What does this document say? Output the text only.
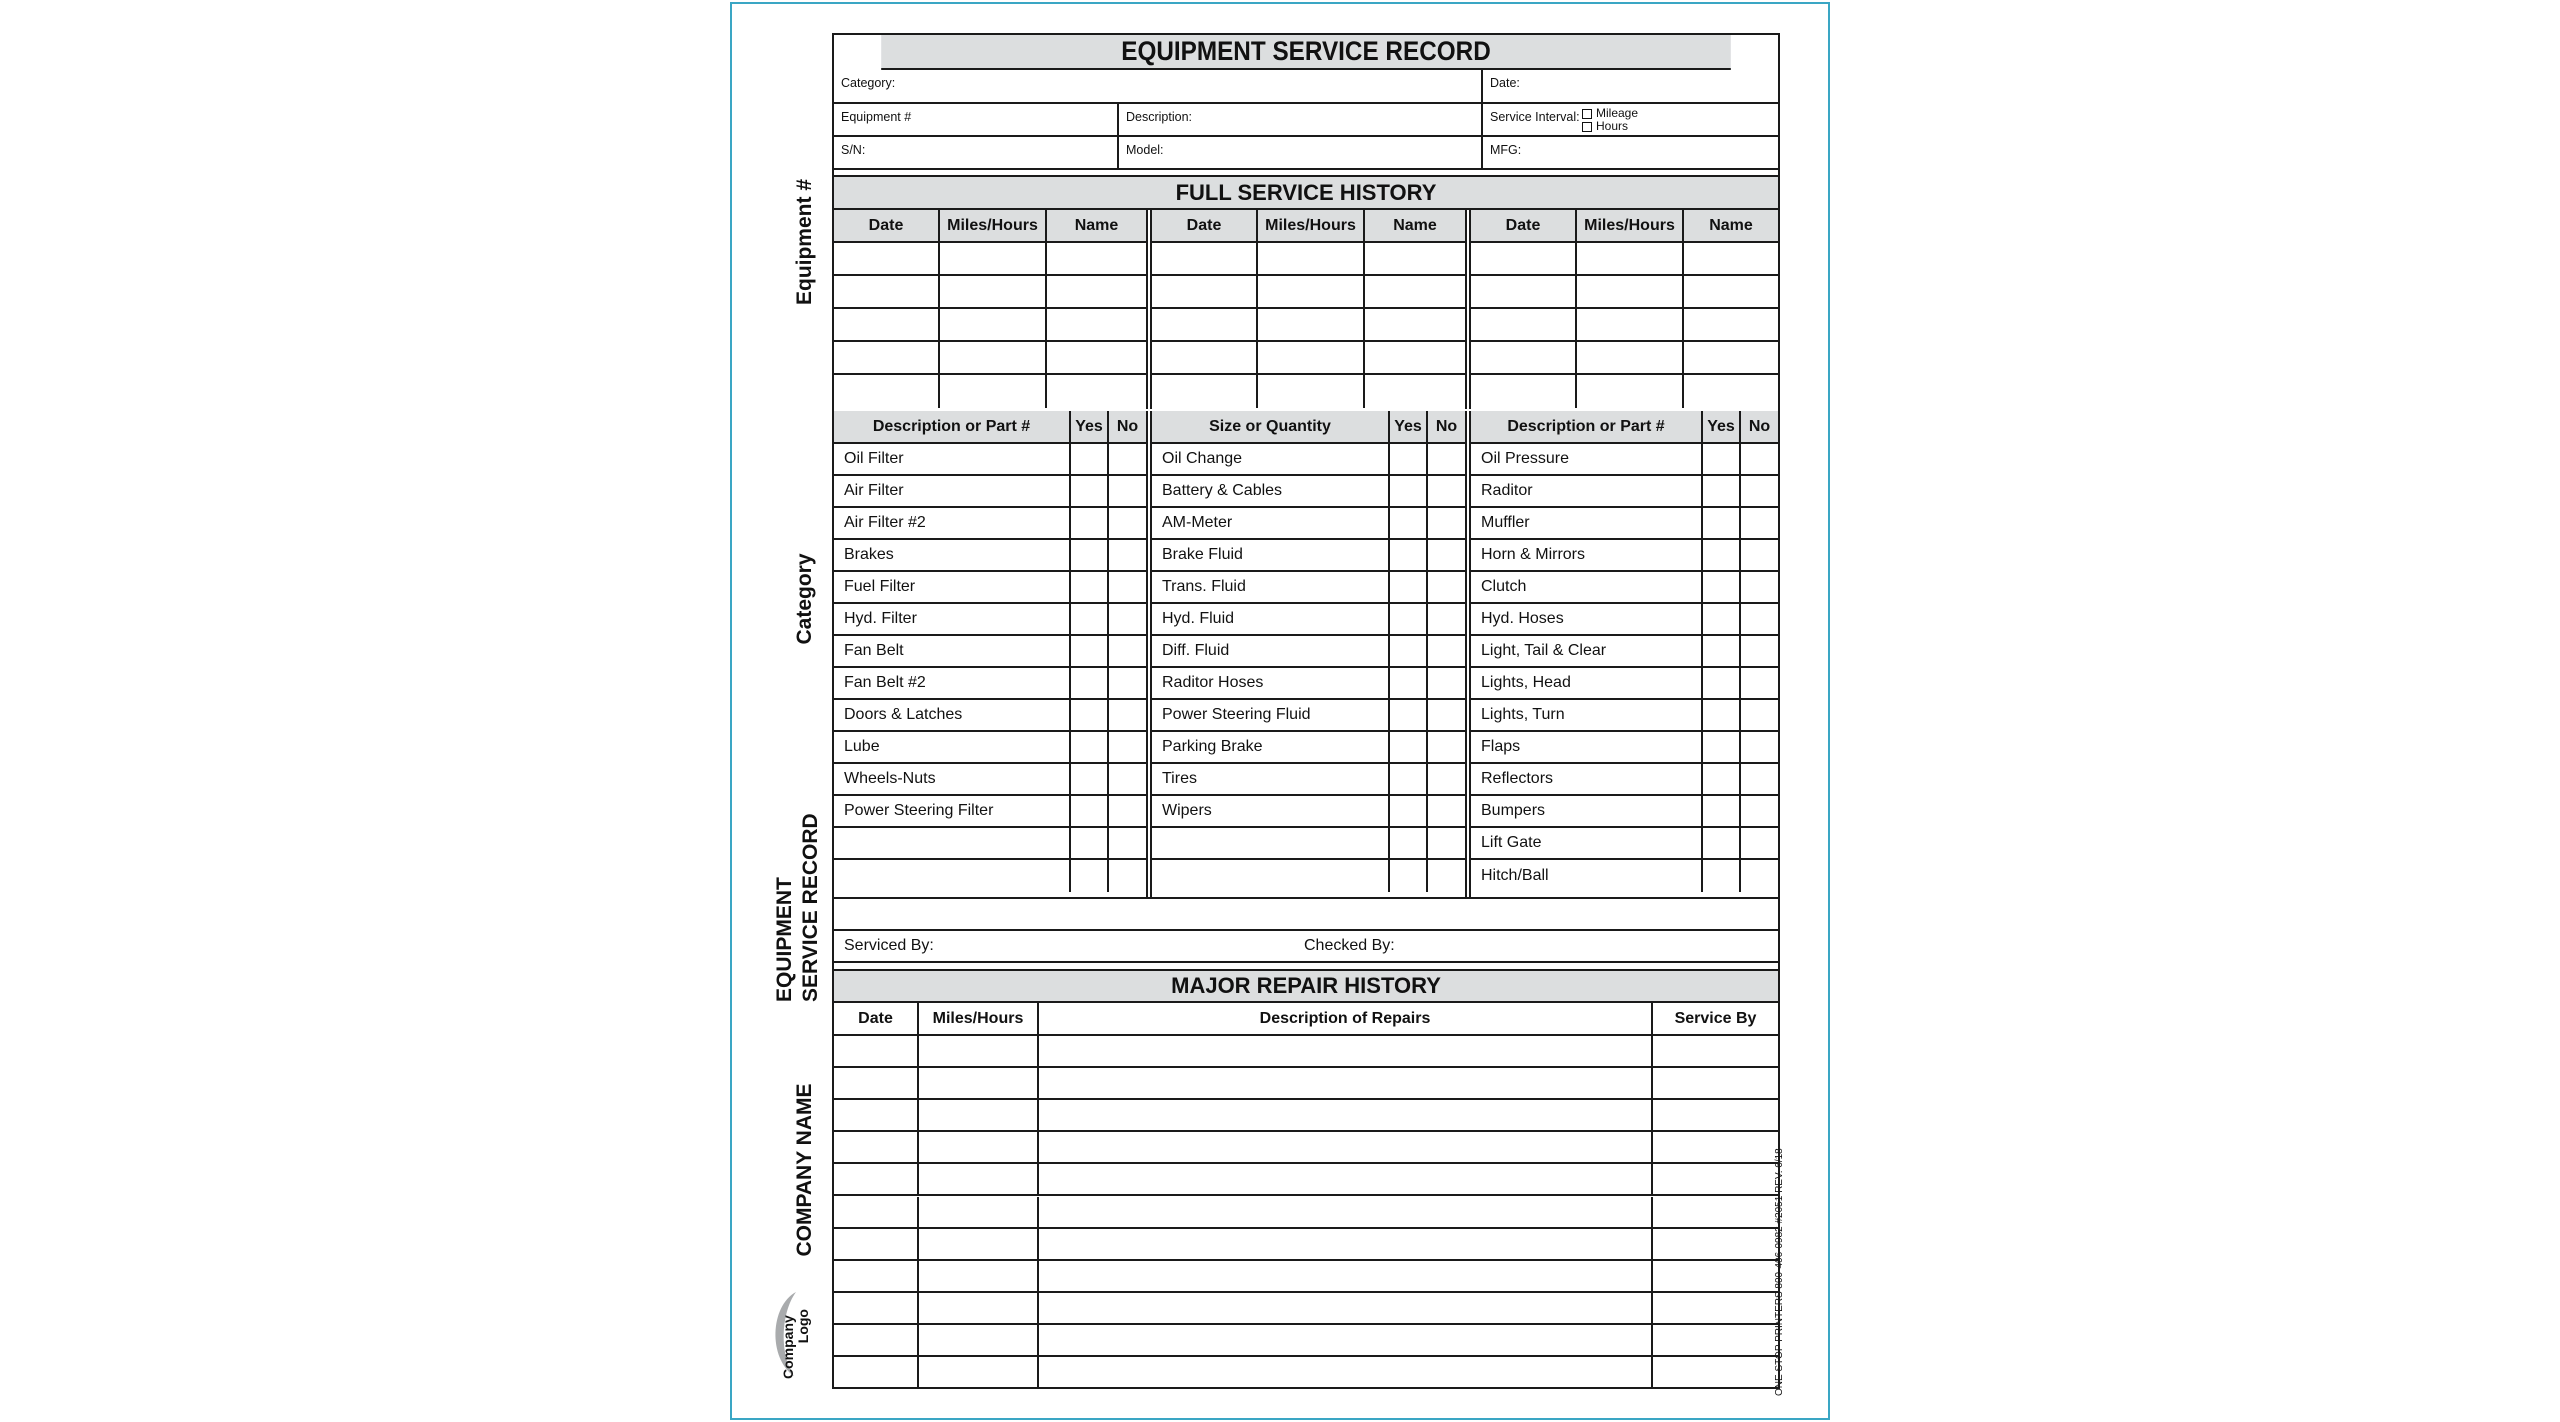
Equipment #
Category
EQUIPMENT SERVICE RECORD
COMPANY NAME
Company Logo	ONE STOP PRINTERS 800-406-0982 #2051 REV. 6/18
EQUIPMENT SERVICE RECORD
Category:	Date:
Equipment #	Description:	Service Interval:	Mileage
Hours
S/N:	Model:	MFG:
FULL SERVICE HISTORY
Date	Miles/Hours	Name	Date	Miles/Hours	Name	Date	Miles/Hours	Name
Description or Part #	Yes No
Oil Filter
Air Filter
Air Filter #2
Brakes
Fuel Filter
Hyd. Filter
Fan Belt
Fan Belt #2
Doors & Latches
Lube
Wheels-Nuts
Power Steering Filter
Size or Quantity	Yes No
Oil Change
Battery & Cables
AM-Meter
Brake Fluid
Trans. Fluid
Hyd. Fluid
Diff. Fluid
Raditor Hoses
Power Steering Fluid
Parking Brake
Tires
Wipers
Description or Part #	Yes No
Oil Pressure
Raditor
Muffler
Horn & Mirrors
Clutch
Hyd. Hoses
Light, Tail & Clear
Lights, Head
Lights, Turn
Flaps
Reflectors
Bumpers
Lift Gate
Hitch/Ball
Serviced By:	Checked By:
MAJOR REPAIR HISTORY
Date	Miles/Hours	Description of Repairs	Service By
